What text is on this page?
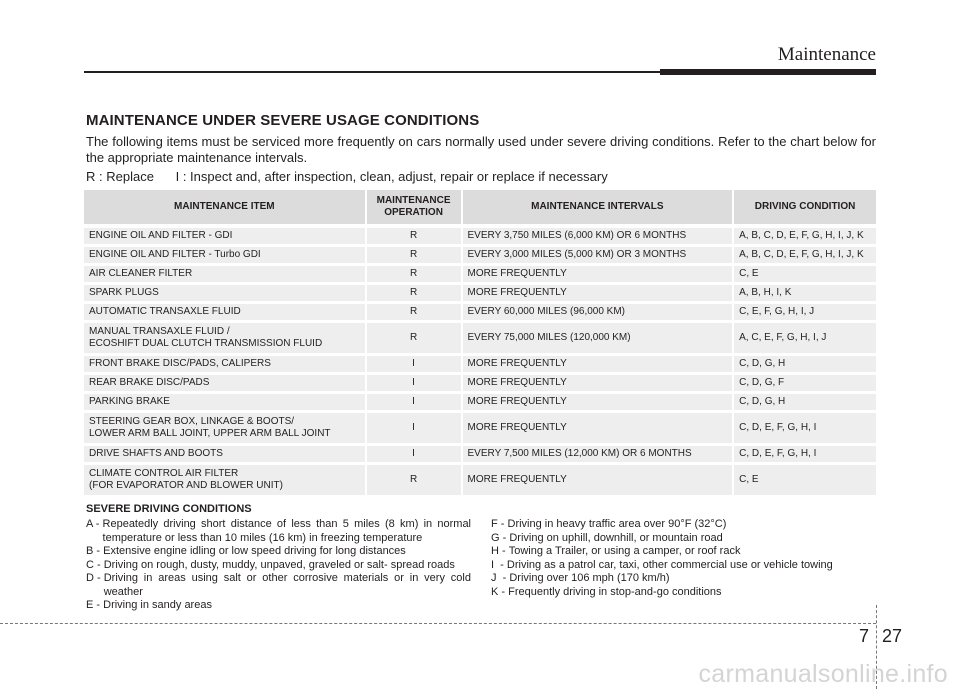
Maintenance
MAINTENANCE UNDER SEVERE USAGE CONDITIONS
The following items must be serviced more frequently on cars normally used under severe driving conditions. Refer to the chart below for the appropriate maintenance intervals.
R : Replace      I : Inspect and, after inspection, clean, adjust, repair or replace if necessary
MAINTENANCE ITEM	MAINTENANCE OPERATION	MAINTENANCE INTERVALS	DRIVING CONDITION
ENGINE OIL AND FILTER - GDI	R	EVERY 3,750 MILES (6,000 KM) OR 6 MONTHS	A, B, C, D, E, F, G, H, I, J, K
ENGINE OIL AND FILTER - Turbo GDI	R	EVERY 3,000 MILES (5,000 KM) OR 3 MONTHS	A, B, C, D, E, F, G, H, I, J, K
AIR CLEANER FILTER	R	MORE FREQUENTLY	C, E
SPARK PLUGS	R	MORE FREQUENTLY	A, B, H, I, K
AUTOMATIC TRANSAXLE FLUID	R	EVERY 60,000 MILES (96,000 KM)	C, E, F, G, H, I, J
MANUAL TRANSAXLE FLUID /
ECOSHIFT DUAL CLUTCH TRANSMISSION FLUID	R	EVERY 75,000 MILES (120,000 KM)	A, C, E, F, G, H, I, J
FRONT BRAKE DISC/PADS, CALIPERS	I	MORE FREQUENTLY	C, D, G, H
REAR BRAKE DISC/PADS	I	MORE FREQUENTLY	C, D, G, F
PARKING BRAKE	I	MORE FREQUENTLY	C, D, G, H
STEERING GEAR BOX, LINKAGE & BOOTS/
LOWER ARM BALL JOINT, UPPER ARM BALL JOINT	I	MORE FREQUENTLY	C, D, E, F, G, H, I
DRIVE SHAFTS AND BOOTS	I	EVERY 7,500 MILES (12,000 KM) OR 6 MONTHS	C, D, E, F, G, H, I
CLIMATE CONTROL AIR FILTER
(FOR EVAPORATOR AND BLOWER UNIT)	R	MORE FREQUENTLY	C, E
SEVERE DRIVING CONDITIONS
A - Repeatedly driving short distance of less than 5 miles (8 km) in normal temperature or less than 10 miles (16 km) in freezing temperature
B - Extensive engine idling or low speed driving for long distances
C - Driving on rough, dusty, muddy, unpaved, graveled or salt- spread roads
D - Driving in areas using salt or other corrosive materials or in very cold weather
E - Driving in sandy areas
F - Driving in heavy traffic area over 90°F (32°C)
G - Driving on uphill, downhill, or mountain road
H - Towing a Trailer, or using a camper, or roof rack
I  - Driving as a patrol car, taxi, other commercial use or vehicle towing
J  - Driving over 106 mph (170 km/h)
K - Frequently driving in stop-and-go conditions
7 27
carmanualsonline.info
